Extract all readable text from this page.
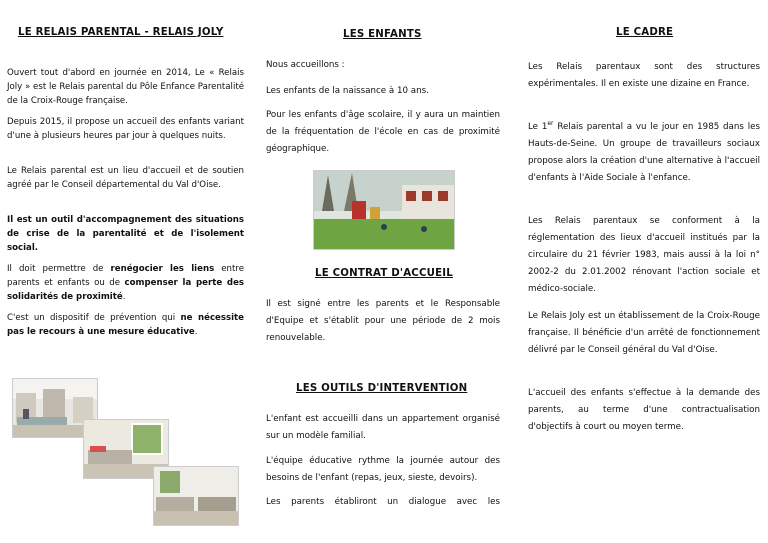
LE RELAIS PARENTAL - RELAIS JOLY

Ouvert tout d'abord en journée en 2014, Le « Relais Joly » est le Relais parental du Pôle Enfance Parentalité de la Croix-Rouge française.

Depuis 2015, il propose un accueil des enfants variant d'une à plusieurs heures par jour à quelques nuits.

Le Relais parental est un lieu d'accueil et de soutien agréé par le Conseil départemental du Val d'Oise.

Il est un outil d'accompagnement des situations de crise de la parentalité et de l'isolement social.

Il doit permettre de renégocier les liens entre parents et enfants ou de compenser la perte des solidarités de proximité.

C'est un dispositif de prévention qui ne nécessite pas le recours à une mesure éducative.

LES ENFANTS

Nous accueillons :

Les enfants de la naissance à 10 ans.

Pour les enfants d'âge scolaire, il y aura un maintien de la fréquentation de l'école en cas de proximité géographique.

LE CONTRAT D'ACCUEIL

Il est signé entre les parents et le Responsable d'Equipe et s'établit pour une période de 2 mois renouvelable.

LES OUTILS D'INTERVENTION

L'enfant est accueilli dans un appartement organisé sur un modèle familial.

L'équipe éducative rythme la journée autour des besoins de l'enfant (repas, jeux, sieste, devoirs).

Les parents établiront un dialogue avec les

LE CADRE

Les Relais parentaux sont des structures expérimentales. Il en existe une dizaine en France.

Le 1er Relais parental a vu le jour en 1985 dans les Hauts-de-Seine. Un groupe de travailleurs sociaux propose alors la création d'une alternative à l'accueil d'enfants à l'Aide Sociale à l'enfance.

Les Relais parentaux se conforment à la réglementation des lieux d'accueil institués par la circulaire du 21 février 1983, mais aussi à la loi n° 2002-2 du 2.01.2002 rénovant l'action sociale et médico-sociale.

Le Relais Joly est un établissement de la Croix-Rouge française. Il bénéficie d'un arrêté de fonctionnement délivré par le Conseil général du Val d'Oise.

L'accueil des enfants s'effectue à la demande des parents, au terme d'une contractualisation d'objectifs à court ou moyen terme.
